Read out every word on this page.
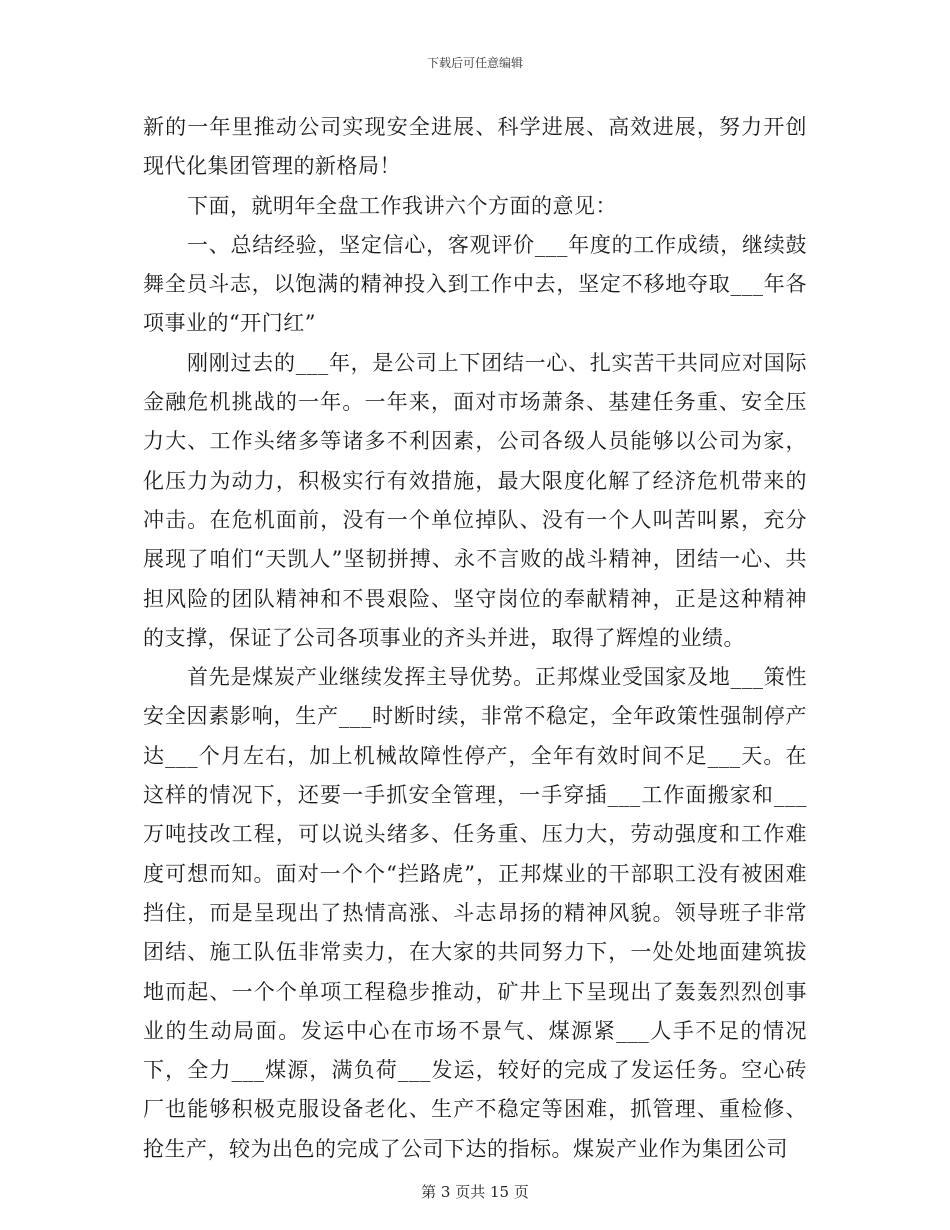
下载后可任意编辑

新的一年里推动公司实现安全进展、科学进展、高效进展，努力开创现代化集团管理的新格局！

下面，就明年全盘工作我讲六个方面的意见：

一、总结经验，坚定信心，客观评价___年度的工作成绩，继续鼓舞全员斗志，以饱满的精神投入到工作中去，坚定不移地夺取___年各项事业的“开门红”

刚刚过去的___年，是公司上下团结一心、扎实苦干共同应对国际金融危机挑战的一年。一年来，面对市场萧条、基建任务重、安全压力大、工作头绪多等诸多不利因素，公司各级人员能够以公司为家，化压力为动力，积极实行有效措施，最大限度化解了经济危机带来的冲击。在危机面前，没有一个单位掉队、没有一个人叫苦叫累，充分展现了咱们“天凯人”坚韧拼搏、永不言败的战斗精神，团结一心、共担风险的团队精神和不畏艰险、坚守岗位的奉献精神，正是这种精神的支撑，保证了公司各项事业的齐头并进，取得了辉煌的业绩。

首先是煤炭产业继续发挥主导优势。正邦煤业受国家及地___策性安全因素影响，生产___时断时续，非常不稳定，全年政策性强制停产达___个月左右，加上机械故障性停产，全年有效时间不足___天。在这样的情况下，还要一手抓安全管理，一手穿插___工作面搬家和___万吨技改工程，可以说头绪多、任务重、压力大，劳动强度和工作难度可想而知。面对一个个“拦路虎”，正邦煤业的干部职工没有被困难挡住，而是呈现出了热情高涨、斗志昂扬的精神风貌。领导班子非常团结、施工队伍非常卖力，在大家的共同努力下，一处处地面建筑拔地而起、一个个单项工程稳步推动，矿井上下呈现出了轰轰烈烈创事业的生动局面。发运中心在市场不景气、煤源紧___人手不足的情况下，全力___煤源，满负荷___发运，较好的完成了发运任务。空心砖厂也能够积极克服设备老化、生产不稳定等困难，抓管理、重检修、抢生产，较为出色的完成了公司下达的指标。煤炭产业作为集团公司

第 3 页共 15 页
